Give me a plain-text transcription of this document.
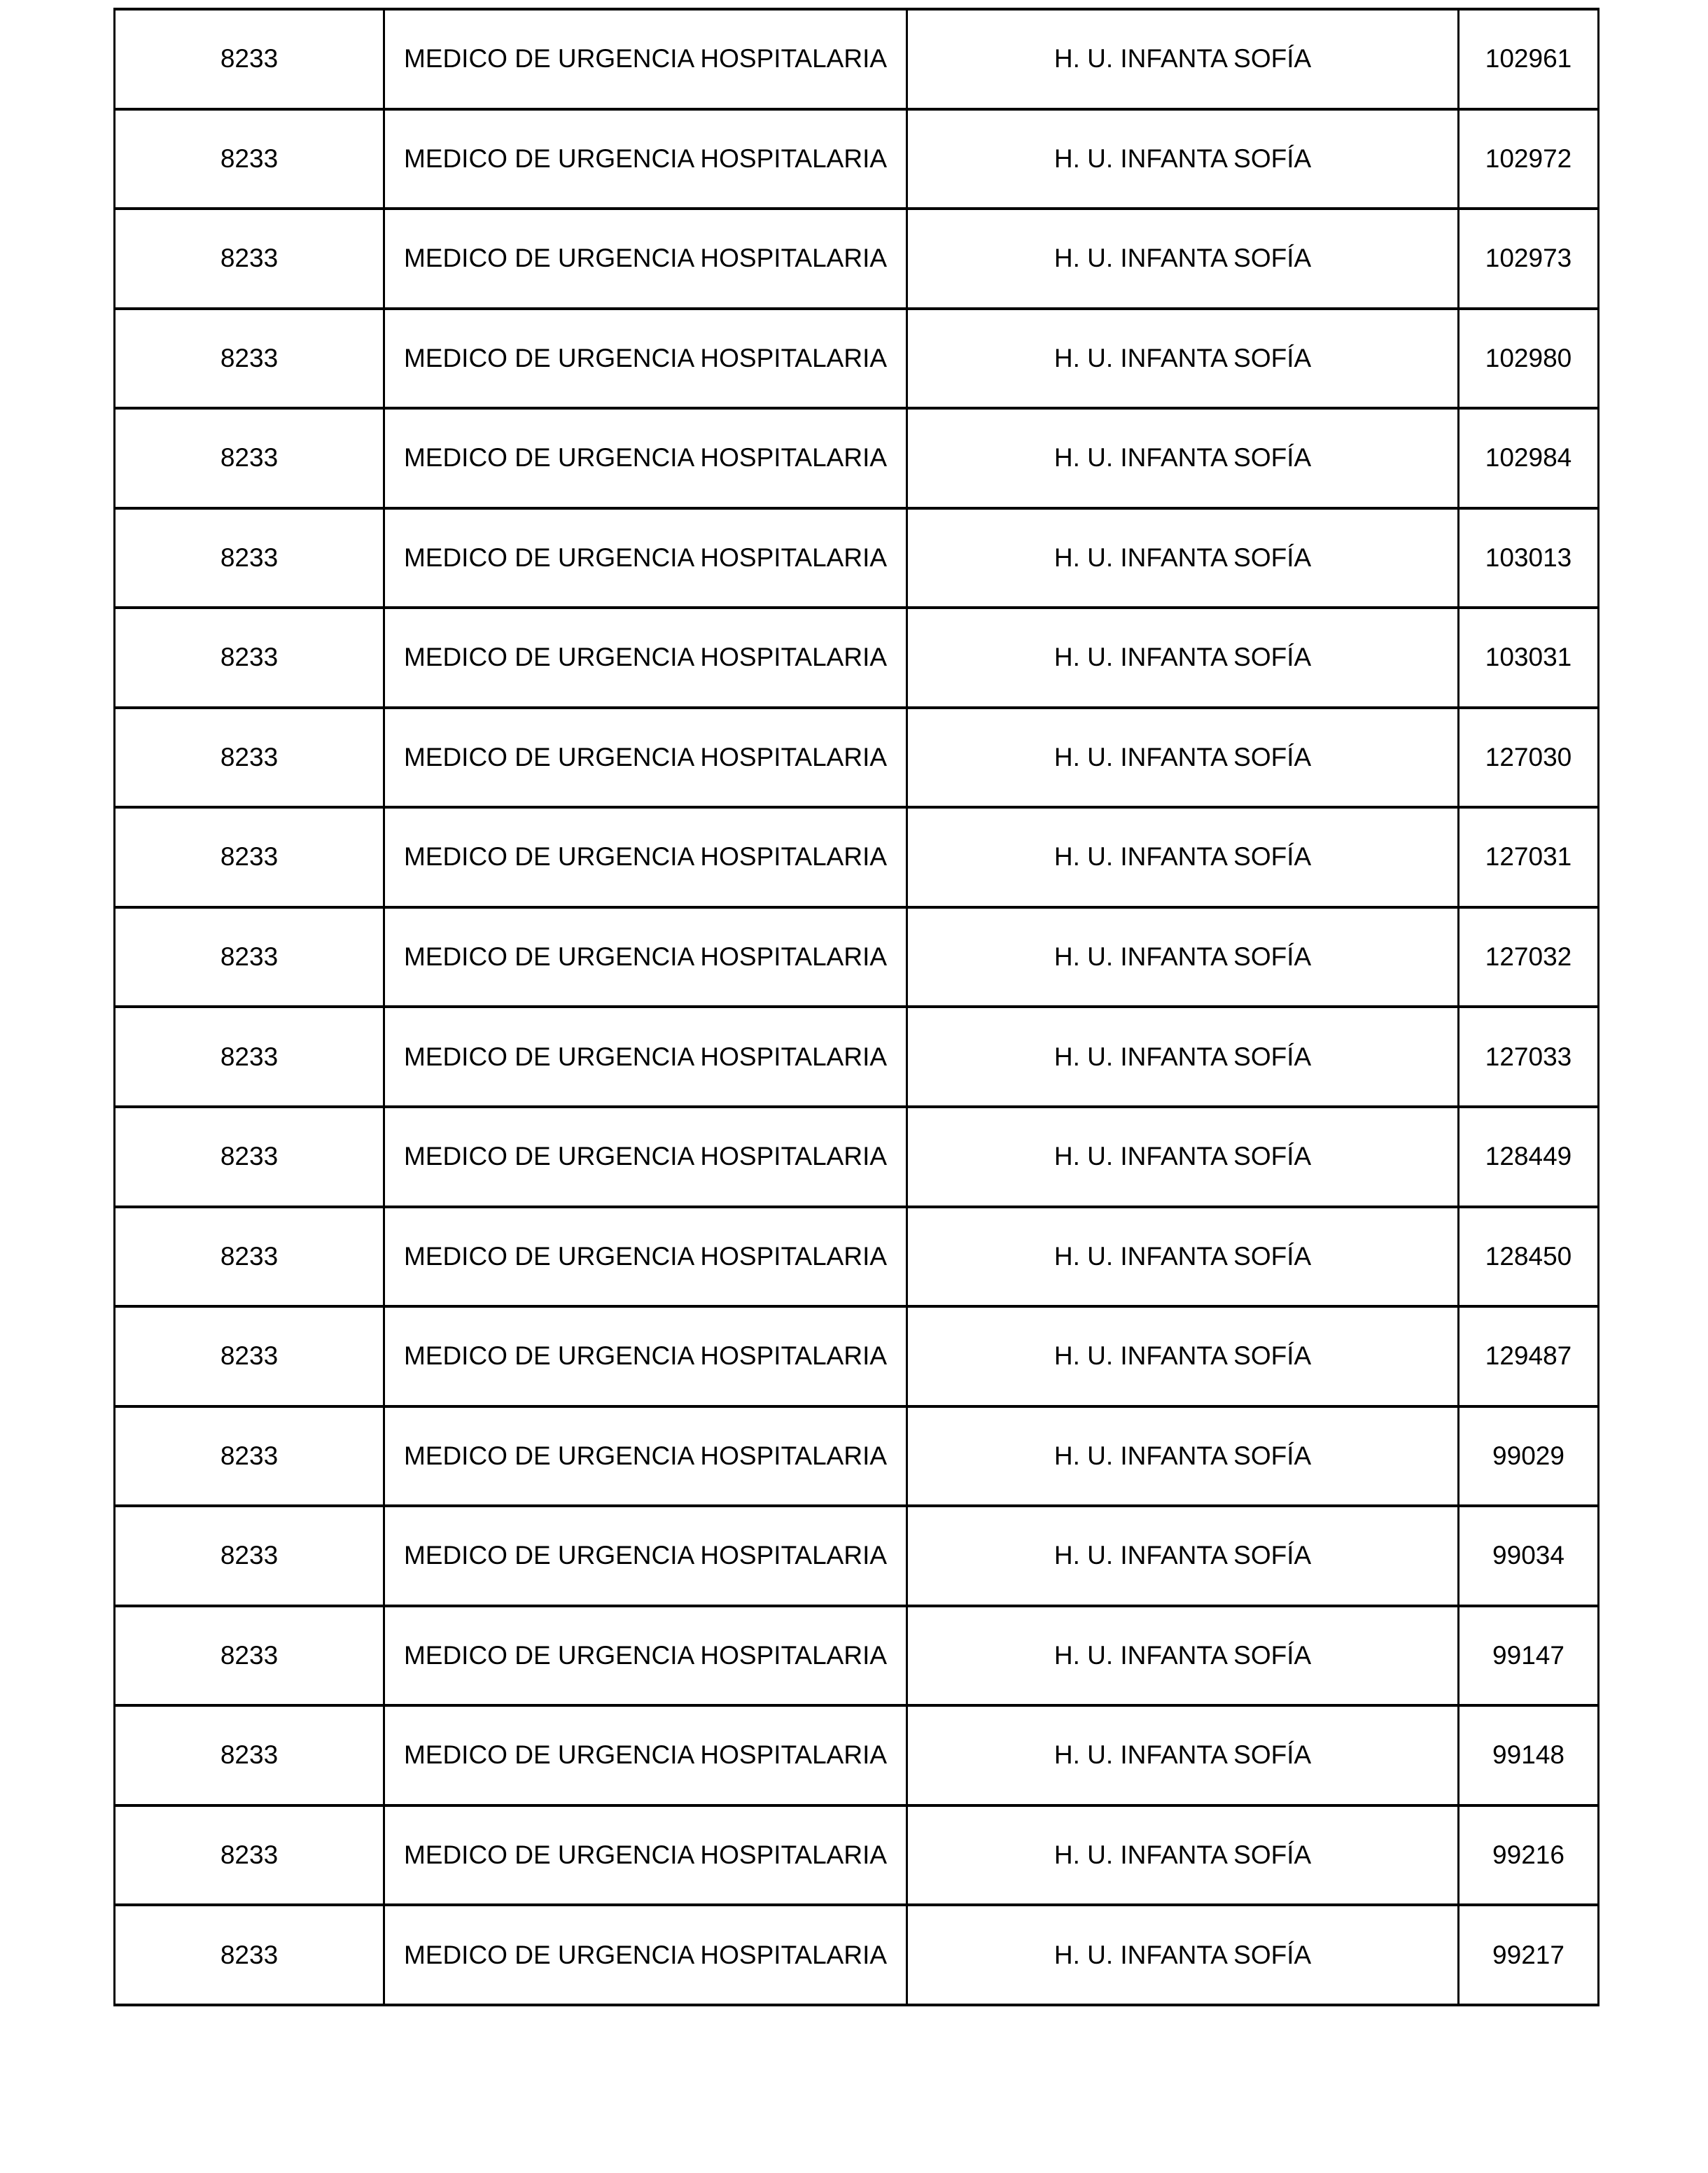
8233	MEDICO DE URGENCIA HOSPITALARIA	H. U. INFANTA SOFÍA	102961
8233	MEDICO DE URGENCIA HOSPITALARIA	H. U. INFANTA SOFÍA	102972
8233	MEDICO DE URGENCIA HOSPITALARIA	H. U. INFANTA SOFÍA	102973
8233	MEDICO DE URGENCIA HOSPITALARIA	H. U. INFANTA SOFÍA	102980
8233	MEDICO DE URGENCIA HOSPITALARIA	H. U. INFANTA SOFÍA	102984
8233	MEDICO DE URGENCIA HOSPITALARIA	H. U. INFANTA SOFÍA	103013
8233	MEDICO DE URGENCIA HOSPITALARIA	H. U. INFANTA SOFÍA	103031
8233	MEDICO DE URGENCIA HOSPITALARIA	H. U. INFANTA SOFÍA	127030
8233	MEDICO DE URGENCIA HOSPITALARIA	H. U. INFANTA SOFÍA	127031
8233	MEDICO DE URGENCIA HOSPITALARIA	H. U. INFANTA SOFÍA	127032
8233	MEDICO DE URGENCIA HOSPITALARIA	H. U. INFANTA SOFÍA	127033
8233	MEDICO DE URGENCIA HOSPITALARIA	H. U. INFANTA SOFÍA	128449
8233	MEDICO DE URGENCIA HOSPITALARIA	H. U. INFANTA SOFÍA	128450
8233	MEDICO DE URGENCIA HOSPITALARIA	H. U. INFANTA SOFÍA	129487
8233	MEDICO DE URGENCIA HOSPITALARIA	H. U. INFANTA SOFÍA	99029
8233	MEDICO DE URGENCIA HOSPITALARIA	H. U. INFANTA SOFÍA	99034
8233	MEDICO DE URGENCIA HOSPITALARIA	H. U. INFANTA SOFÍA	99147
8233	MEDICO DE URGENCIA HOSPITALARIA	H. U. INFANTA SOFÍA	99148
8233	MEDICO DE URGENCIA HOSPITALARIA	H. U. INFANTA SOFÍA	99216
8233	MEDICO DE URGENCIA HOSPITALARIA	H. U. INFANTA SOFÍA	99217
